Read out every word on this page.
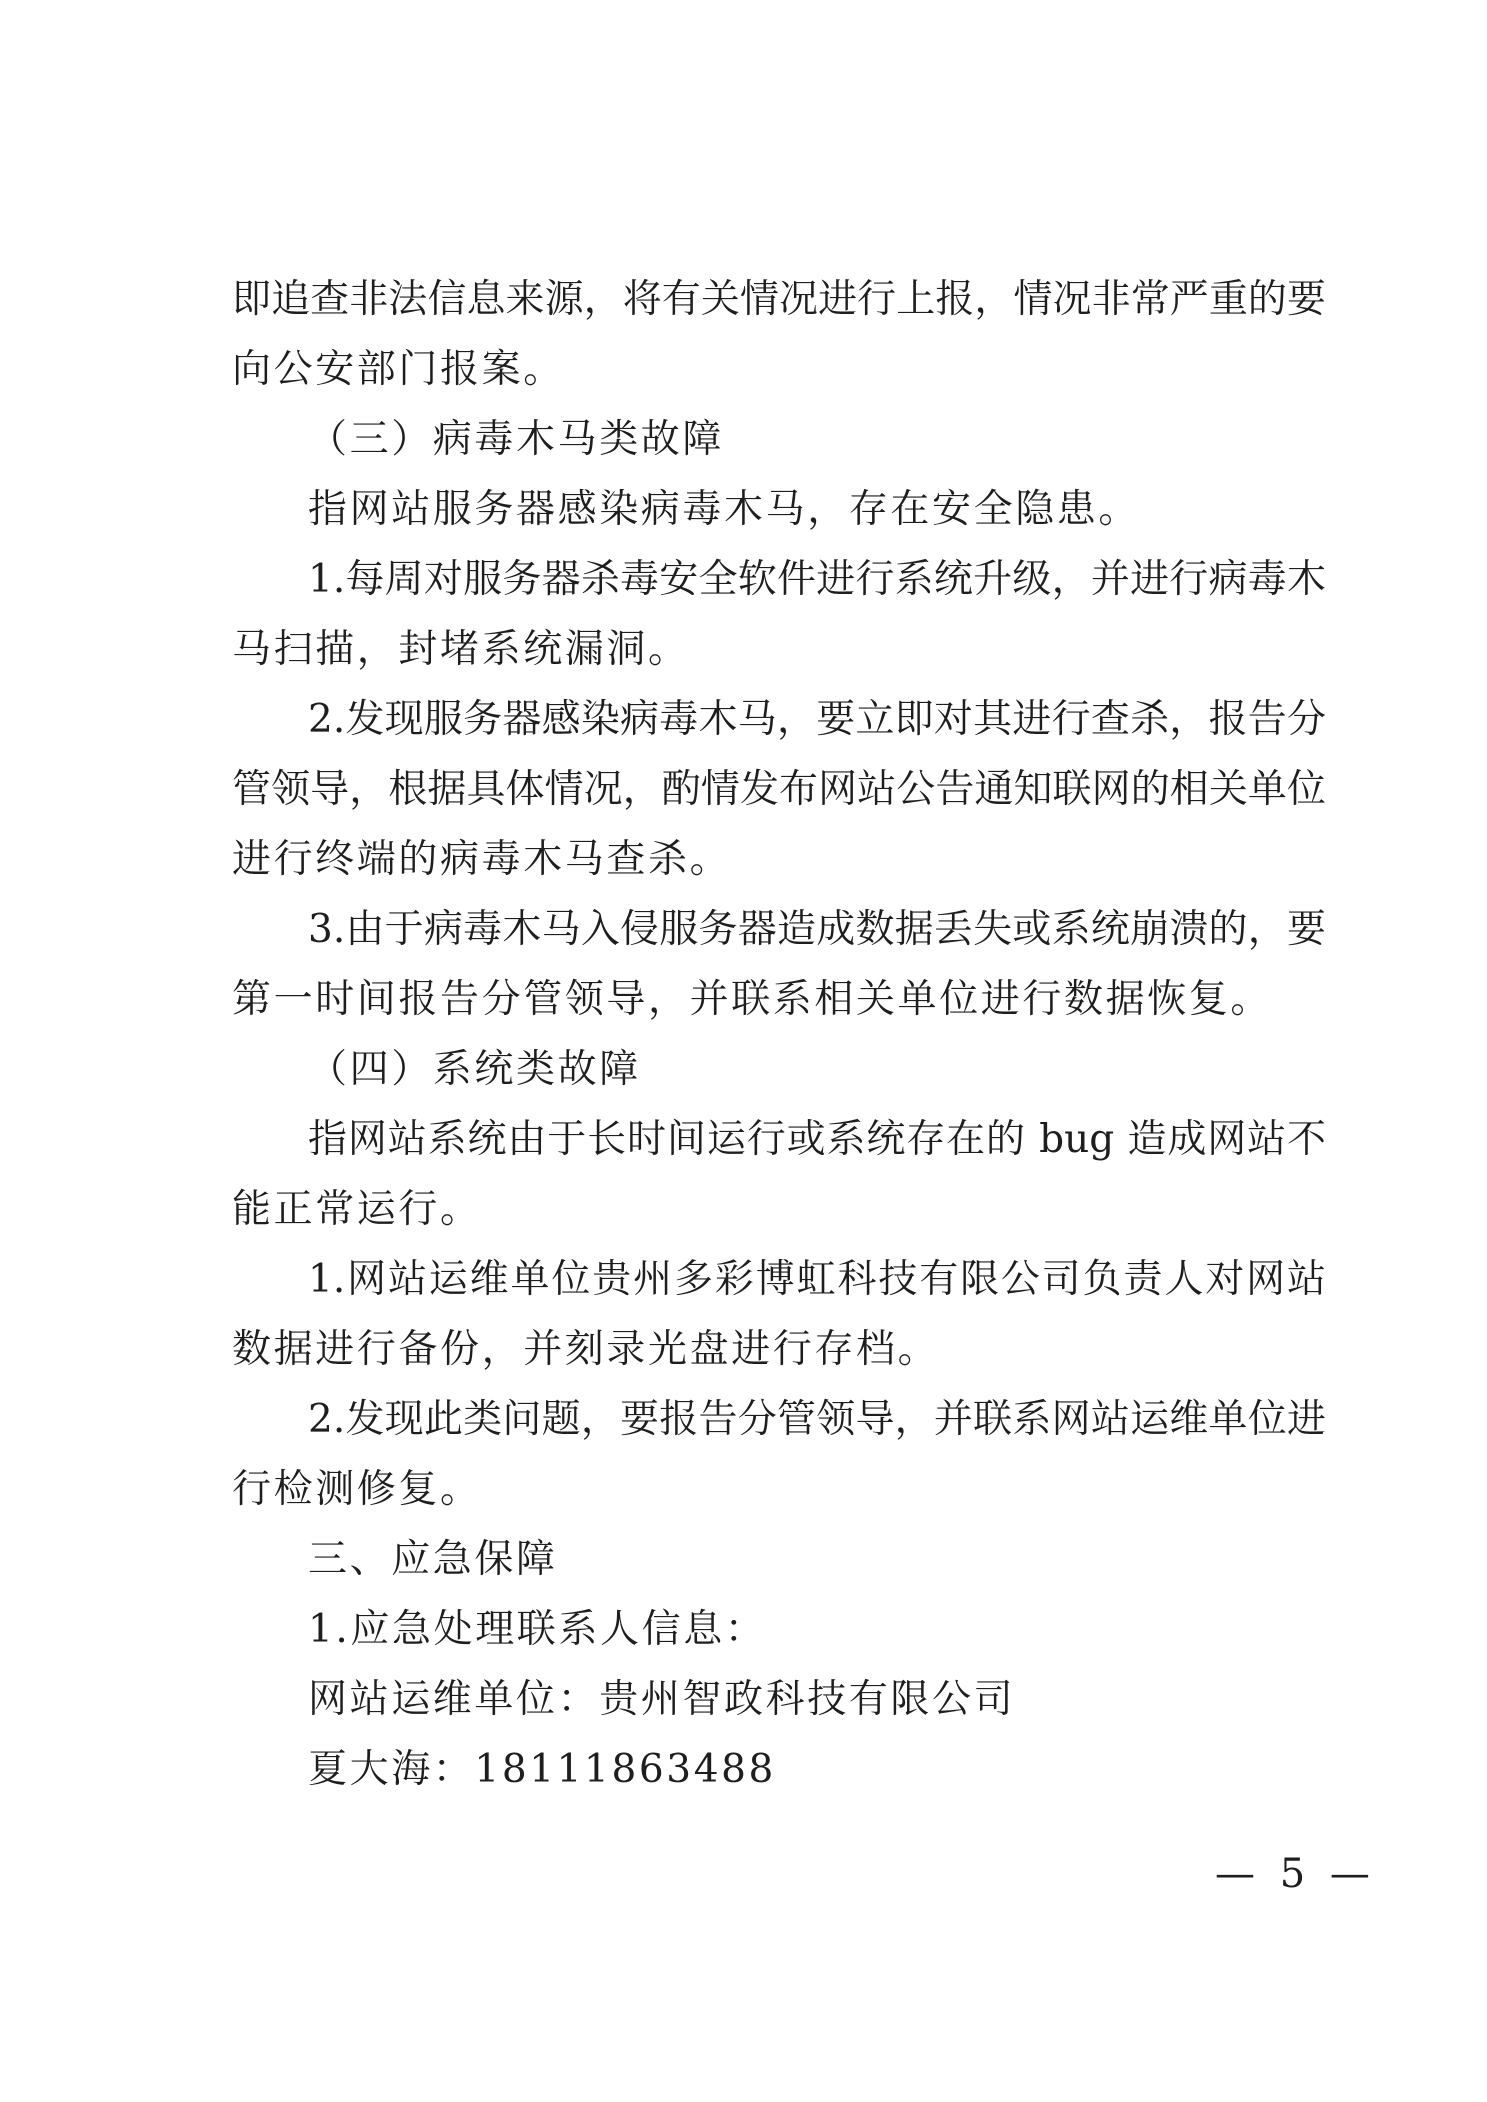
即追查非法信息来源，将有关情况进行上报，情况非常严重的要
向公安部门报案。
（三）病毒木马类故障
指网站服务器感染病毒木马，存在安全隐患。
1.每周对服务器杀毒安全软件进行系统升级，并进行病毒木
马扫描，封堵系统漏洞。
2.发现服务器感染病毒木马，要立即对其进行查杀，报告分
管领导，根据具体情况，酌情发布网站公告通知联网的相关单位
进行终端的病毒木马查杀。
3.由于病毒木马入侵服务器造成数据丢失或系统崩溃的，要
第一时间报告分管领导，并联系相关单位进行数据恢复。
（四）系统类故障
指网站系统由于长时间运行或系统存在的 bug 造成网站不
能正常运行。
1.网站运维单位贵州多彩博虹科技有限公司负责人对网站
数据进行备份，并刻录光盘进行存档。
2.发现此类问题，要报告分管领导，并联系网站运维单位进
行检测修复。
三、应急保障
1.应急处理联系人信息：
网站运维单位：贵州智政科技有限公司
夏大海：18111863488
— 5 —
